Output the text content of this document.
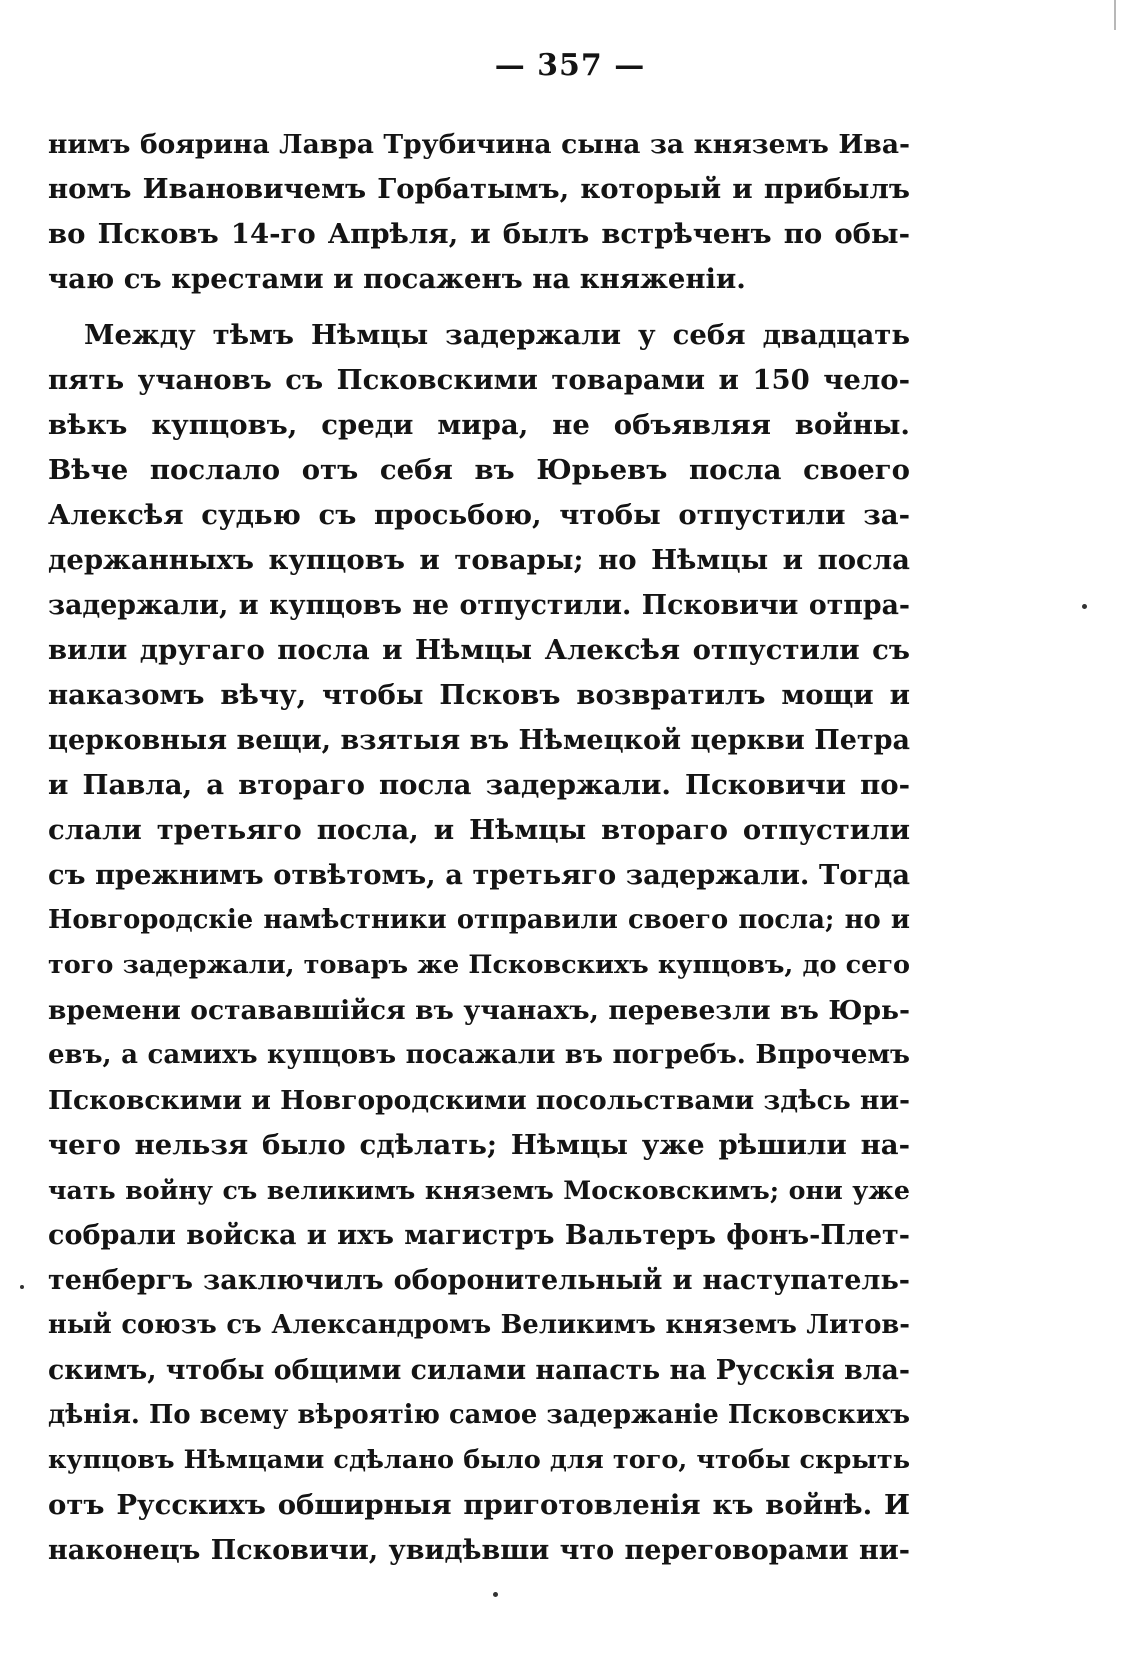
— 357 —
нимъ боярина Лавра Трубичина сына за княземъ Ива-
номъ Ивановичемъ Горбатымъ, который и прибылъ
во Псковъ 14-го Апрѣля, и былъ встрѣченъ по обы-
чаю съ крестами и посаженъ на княженіи.
Между тѣмъ Нѣмцы задержали у себя двадцать
пять учановъ съ Псковскими товарами и 150 чело-
вѣкъ купцовъ, среди мира, не объявляя войны.
Вѣче послало отъ себя въ Юрьевъ посла своего
Алексѣя судью съ просьбою, чтобы отпустили за-
держанныхъ купцовъ и товары; но Нѣмцы и посла
задержали, и купцовъ не отпустили. Псковичи отпра-
вили другаго посла и Нѣмцы Алексѣя отпустили съ
наказомъ вѣчу, чтобы Псковъ возвратилъ мощи и
церковныя вещи, взятыя въ Нѣмецкой церкви Петра
и Павла, а втораго посла задержали. Псковичи по-
слали третьяго посла, и Нѣмцы втораго отпустили
съ прежнимъ отвѣтомъ, а третьяго задержали. Тогда
Новгородскіе намѣстники отправили своего посла; но и
того задержали, товаръ же Псковскихъ купцовъ, до сего
времени остававшійся въ учанахъ, перевезли въ Юрь-
евъ, а самихъ купцовъ посажали въ погребъ. Впрочемъ
Псковскими и Новгородскими посольствами здѣсь ни-
чего нельзя было сдѣлать; Нѣмцы уже рѣшили на-
чать войну съ великимъ княземъ Московскимъ; они уже
собрали войска и ихъ магистръ Вальтеръ фонъ-Плет-
тенбергъ заключилъ оборонительный и наступатель-
ный союзъ съ Александромъ Великимъ княземъ Литов-
скимъ, чтобы общими силами напасть на Русскія вла-
дѣнія. По всему вѣроятію самое задержаніе Псковскихъ
купцовъ Нѣмцами сдѣлано было для того, чтобы скрыть
отъ Русскихъ обширныя приготовленія къ войнѣ. И
наконецъ Псковичи, увидѣвши что переговорами ни-
